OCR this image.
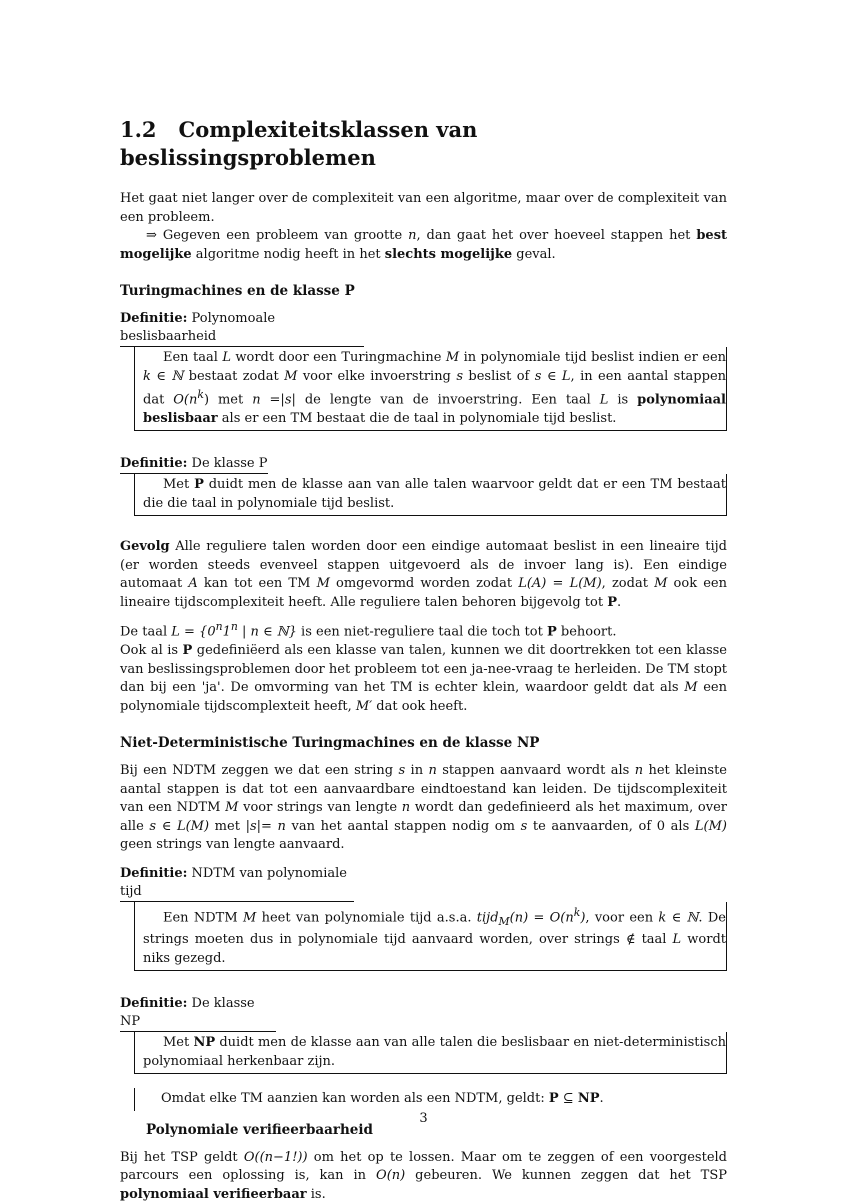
1.2 Complexiteitsklassen van beslissingsproblemen

Het gaat niet langer over de complexiteit van een algoritme, maar over de complexiteit van een probleem.

⇒ Gegeven een probleem van grootte n, dan gaat het over hoeveel stappen het best mogelijke algoritme nodig heeft in het slechts mogelijke geval.

Turingmachines en de klasse P
Definitie: Polynomoale beslisbaarheid

Een taal L wordt door een Turingmachine M in polynomiale tijd beslist indien er een k ∈ ℕ bestaat zodat M voor elke invoerstring s beslist of s ∈ L, in een aantal stappen dat $O(n^k)$ met n =|s| de lengte van de invoerstring. Een taal L is polynomiaal beslisbaar als er een TM bestaat die de taal in polynomiale tijd beslist.

Definitie: De klasse P

Met P duidt men de klasse aan van alle talen waarvoor geldt dat er een TM bestaat die die taal in polynomiale tijd beslist.

Gevolg Alle reguliere talen worden door een eindige automaat beslist in een lineaire tijd (er worden steeds evenveel stappen uitgevoerd als de invoer lang is). Een eindige automaat A kan tot een TM M omgevormd worden zodat L(A) = L(M), zodat M ook een lineaire tijdscomplexiteit heeft. Alle reguliere talen behoren bijgevolg tot P.

De taal $L = \{0^n1^n$ | n ∈ ℕ} is een niet-reguliere taal die toch tot P behoort.

Ook al is P gedefiniëerd als een klasse van talen, kunnen we dit doortrekken tot een klasse van beslissingsproblemen door het probleem tot een ja-nee-vraag te herleiden. De TM stopt dan bij een 'ja'. De omvorming van het TM is echter klein, waardoor geldt dat als M een polynomiale tijdscomplexteit heeft, M′ dat ook heeft.

Niet-Deterministische Turingmachines en de klasse NP

Bij een NDTM zeggen we dat een string s in n stappen aanvaard wordt als n het kleinste aantal stappen is dat tot een aanvaardbare eindtoestand kan leiden. De tijdscomplexiteit van een NDTM M voor strings van lengte n wordt dan gedefinieerd als het maximum, over alle s ∈ L(M) met |s|= n van het aantal stappen nodig om s te aanvaarden, of 0 als L(M) geen strings van lengte aanvaard.

Definitie: NDTM van polynomiale tijd

Een NDTM M heet van polynomiale tijd a.s.a. tijd$_M$(n) = $O(n^k)$, voor een k ∈ ℕ. De strings moeten dus in polynomiale tijd aanvaard worden, over strings ∉ taal L wordt niks gezegd.

Definitie: De klasse NP

Met NP duidt men de klasse aan van alle talen die beslisbaar en niet-deterministisch polynomiaal herkenbaar zijn.

Omdat elke TM aanzien kan worden als een NDTM, geldt: P ⊆ NP.
Polynomiale verifieerbaarheid

Bij het TSP geldt O((n−1!)) om het op te lossen. Maar om te zeggen of een voorgesteld parcours een oplossing is, kan in O(n) gebeuren. We kunnen zeggen dat het TSP polynomiaal verifieerbaar is.

3
